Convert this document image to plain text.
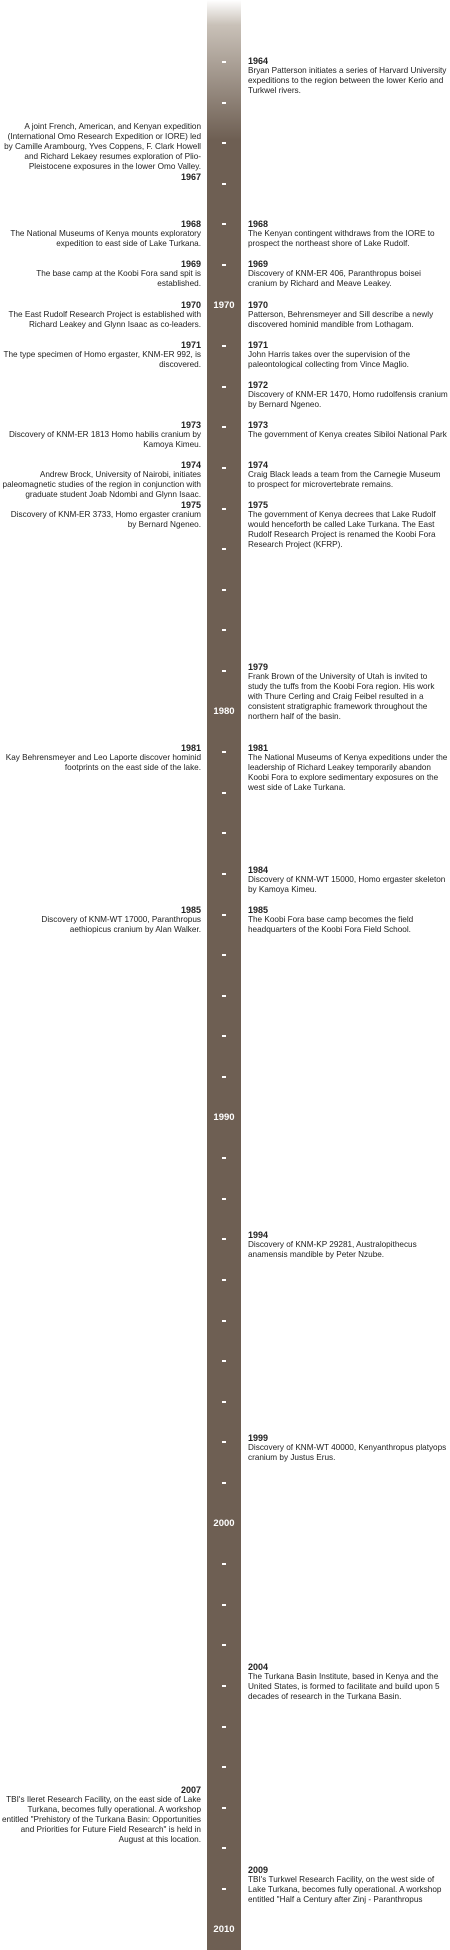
1970
1980
1990
2000
2010
1964
Bryan Patterson initiates a series of Harvard University expeditions to the region between the lower Kerio and Turkwel rivers.
A joint French, American, and Kenyan expedition (International Omo Research Expedition or IORE) led by Camille Arambourg, Yves Coppens, F. Clark Howell and Richard Lekaey resumes exploration of Plio-Pleistocene exposures in the lower Omo Valley.
1967
1968
The National Museums of Kenya mounts exploratory expedition to east side of Lake Turkana.
1968
The Kenyan contingent withdraws from the IORE to prospect the northeast shore of Lake Rudolf.
1969
The base camp at the Koobi Fora sand spit is established.
1969
Discovery of KNM-ER 406, Paranthropus boisei cranium by Richard and Meave Leakey.
1970
The East Rudolf Research Project is established with Richard Leakey and Glynn Isaac as co-leaders.
1970
Patterson, Behrensmeyer and Sill describe a newly discovered hominid mandible from Lothagam.
1971
The type specimen of Homo ergaster, KNM-ER 992, is discovered.
1971
John Harris takes over the supervision of the paleontological collecting from Vince Maglio.
1972
Discovery of KNM-ER 1470, Homo rudolfensis cranium by Bernard Ngeneo.
1973
Discovery of KNM-ER 1813 Homo habilis cranium by Kamoya Kimeu.
1973
The government of Kenya creates Sibiloi National Park
1974
Andrew Brock, University of Nairobi, initiates paleomagnetic studies of the region in conjunction with graduate student Joab Ndombi and Glynn Isaac.
1974
Craig Black leads a team from the Carnegie Museum to prospect for microvertebrate remains.
1975
Discovery of KNM-ER 3733, Homo ergaster cranium by Bernard Ngeneo.
1975
The government of Kenya decrees that Lake Rudolf would henceforth be called Lake Turkana. The East Rudolf Research Project is renamed the Koobi Fora Research Project (KFRP).
1979
Frank Brown of the University of Utah is invited to study the tuffs from the Koobi Fora region. His work with Thure Cerling and Craig Feibel resulted in a consistent stratigraphic framework throughout the northern half of the basin.
1981
Kay Behrensmeyer and Leo Laporte discover hominid footprints on the east side of the lake.
1981
The National Museums of Kenya expeditions under the leadership of Richard Leakey temporarily abandon Koobi Fora to explore sedimentary exposures on the west side of Lake Turkana.
1984
Discovery of KNM-WT 15000, Homo ergaster skeleton by Kamoya Kimeu.
1985
The Koobi Fora base camp becomes the field headquarters of the Koobi Fora Field School.
1985
Discovery of KNM-WT 17000, Paranthropus aethiopicus cranium by Alan Walker.
1994
Discovery of KNM-KP 29281, Australopithecus anamensis mandible by Peter Nzube.
1999
Discovery of KNM-WT 40000, Kenyanthropus platyops cranium by Justus Erus.
2004
The Turkana Basin Institute, based in Kenya and the United States, is formed to facilitate and build upon 5 decades of research in the Turkana Basin.
2007
TBI's Ileret Research Facility, on the east side of Lake Turkana, becomes fully operational. A workshop entitled "Prehistory of the Turkana Basin: Opportunities and Priorities for Future Field Research" is held in August at this location.
2009
TBI's Turkwel Research Facility, on the west side of Lake Turkana, becomes fully operational. A workshop entitled "Half a Century after Zinj - Paranthropus
